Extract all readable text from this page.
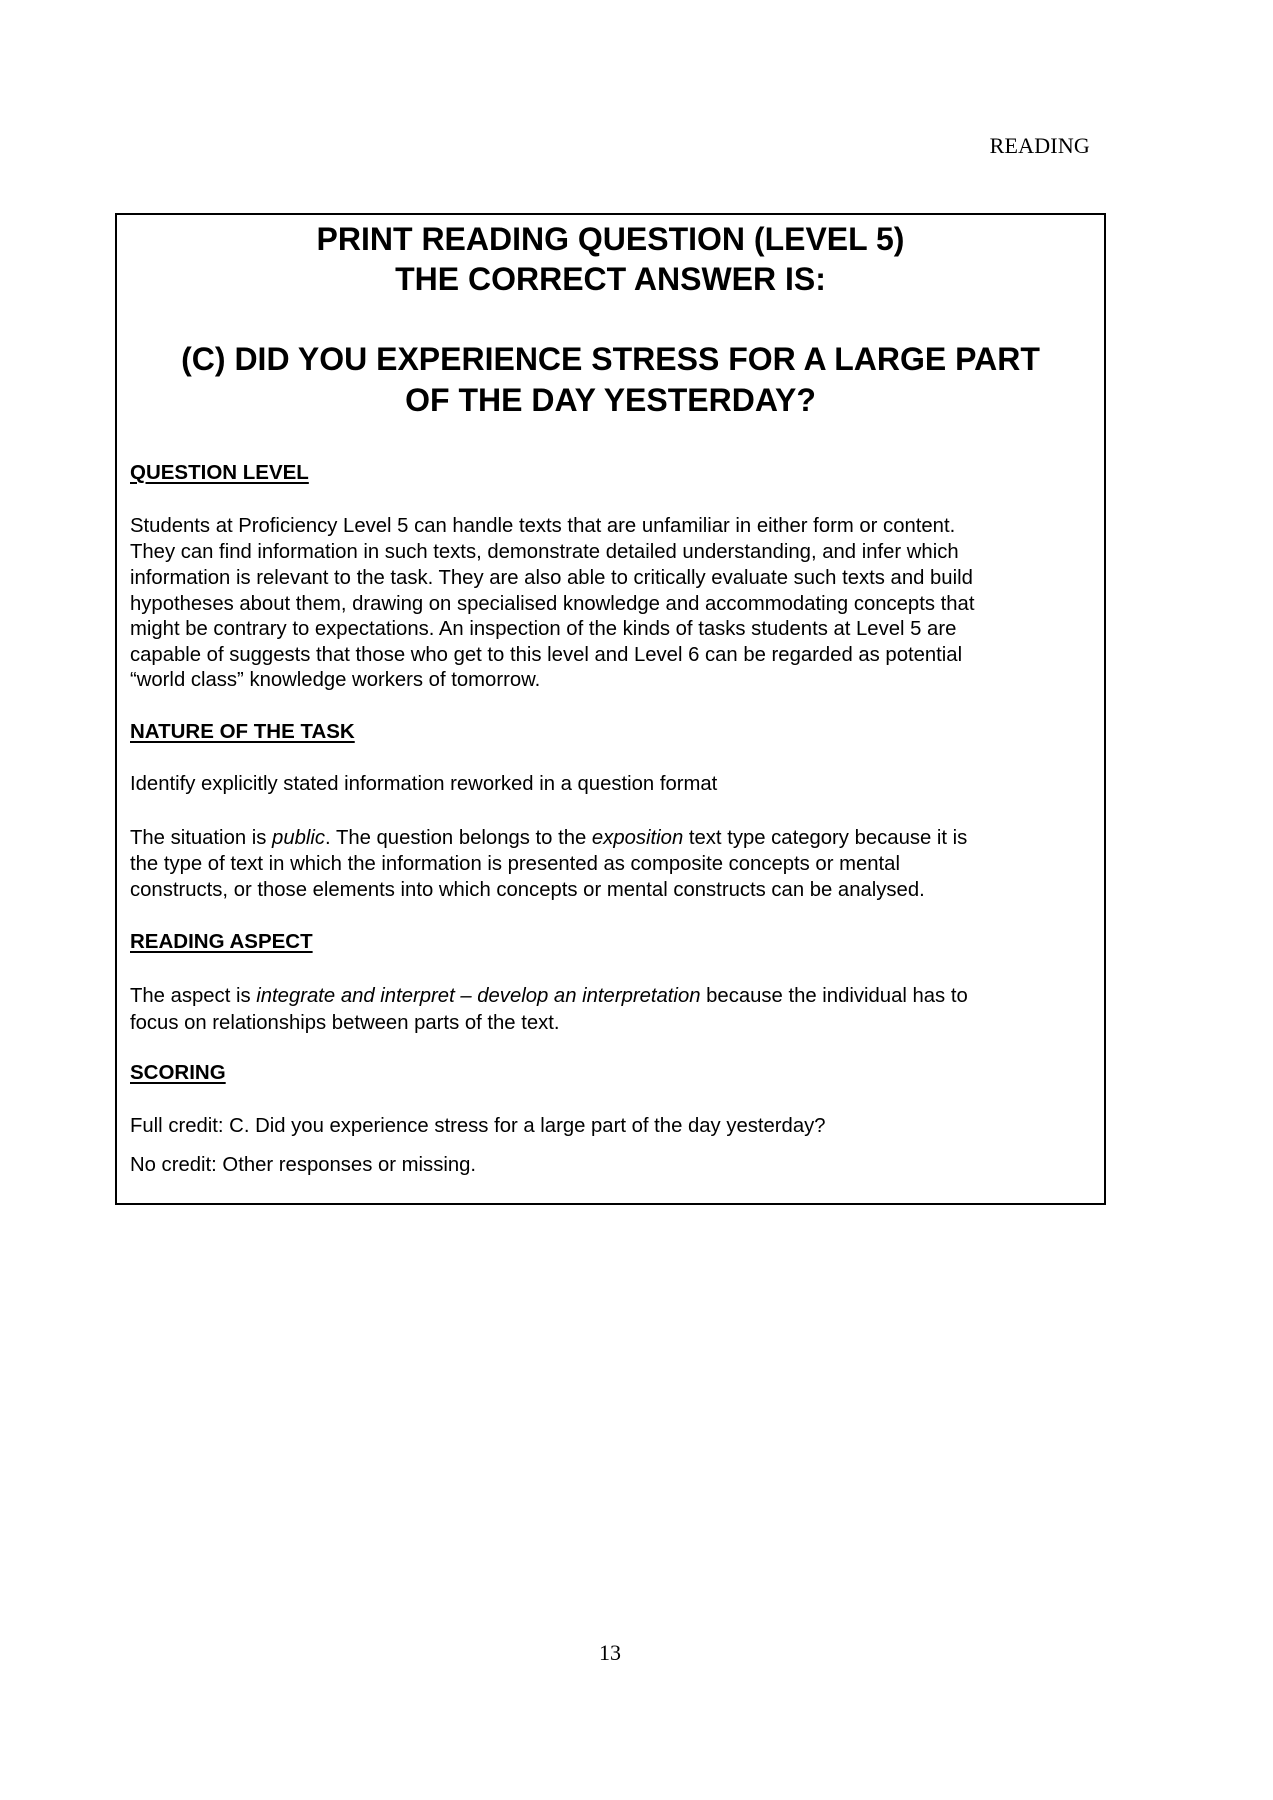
READING
PRINT READING QUESTION (LEVEL 5)
THE CORRECT ANSWER IS:
(C) DID YOU EXPERIENCE STRESS FOR A LARGE PART
OF THE DAY YESTERDAY?
QUESTION LEVEL
Students at Proficiency Level 5 can handle texts that are unfamiliar in either form or content.
They can find information in such texts, demonstrate detailed understanding, and infer which
information is relevant to the task. They are also able to critically evaluate such texts and build
hypotheses about them, drawing on specialised knowledge and accommodating concepts that
might be contrary to expectations. An inspection of the kinds of tasks students at Level 5 are
capable of suggests that those who get to this level and Level 6 can be regarded as potential
“world class” knowledge workers of tomorrow.
NATURE OF THE TASK
Identify explicitly stated information reworked in a question format
The situation is public. The question belongs to the exposition text type category because it is
the type of text in which the information is presented as composite concepts or mental
constructs, or those elements into which concepts or mental constructs can be analysed.
READING ASPECT
The aspect is integrate and interpret – develop an interpretation because the individual has to
focus on relationships between parts of the text.
SCORING
Full credit: C. Did you experience stress for a large part of the day yesterday?
No credit: Other responses or missing.
13
